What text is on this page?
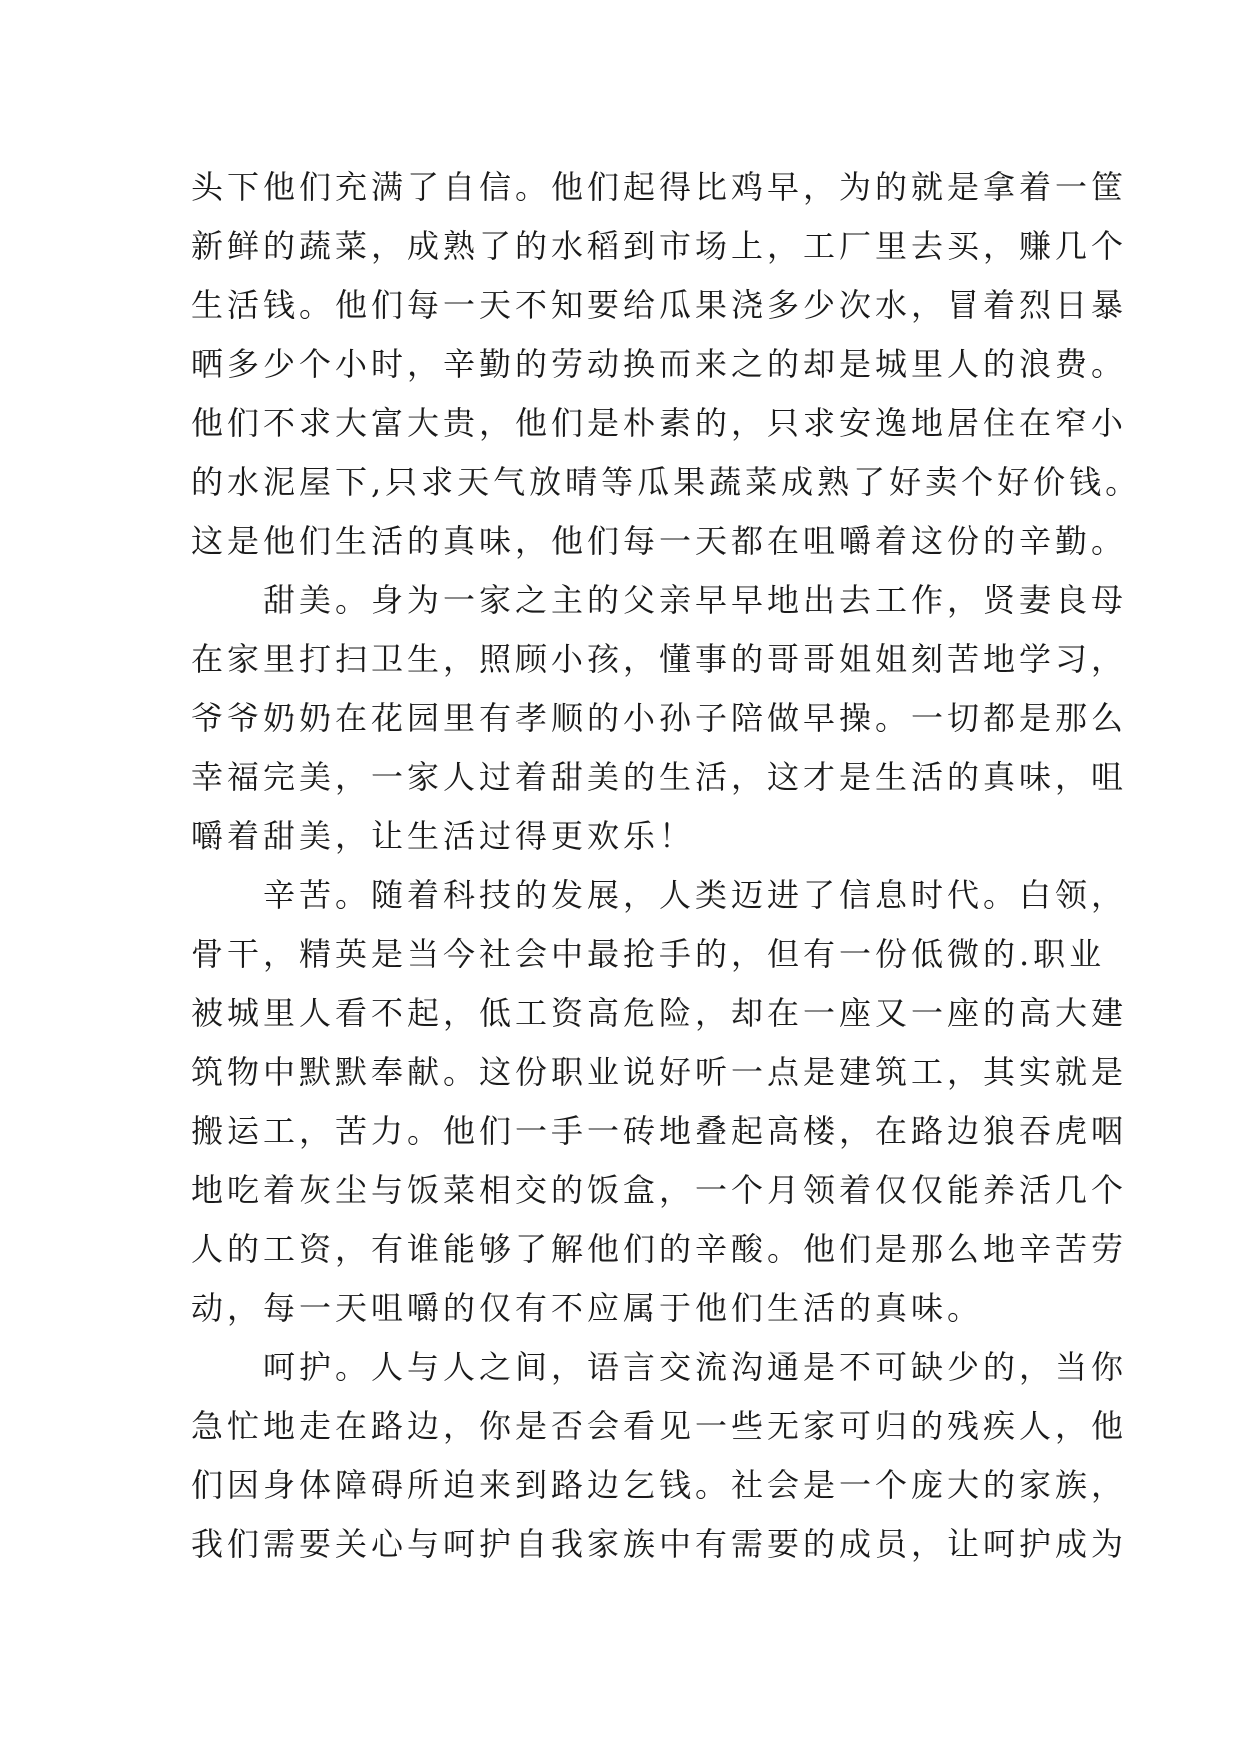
头下他们充满了自信。他们起得比鸡早，为的就是拿着一筐
新鲜的蔬菜，成熟了的水稻到市场上，工厂里去买，赚几个
生活钱。他们每一天不知要给瓜果浇多少次水，冒着烈日暴
晒多少个小时，辛勤的劳动换而来之的却是城里人的浪费。
他们不求大富大贵，他们是朴素的，只求安逸地居住在窄小
的水泥屋下,只求天气放晴等瓜果蔬菜成熟了好卖个好价钱。
这是他们生活的真味，他们每一天都在咀嚼着这份的辛勤。
甜美。身为一家之主的父亲早早地出去工作，贤妻良母
在家里打扫卫生，照顾小孩，懂事的哥哥姐姐刻苦地学习，
爷爷奶奶在花园里有孝顺的小孙子陪做早操。一切都是那么
幸福完美，一家人过着甜美的生活，这才是生活的真味，咀
嚼着甜美，让生活过得更欢乐！
辛苦。随着科技的发展，人类迈进了信息时代。白领，
骨干，精英是当今社会中最抢手的，但有一份低微的.职业
被城里人看不起，低工资高危险，却在一座又一座的高大建
筑物中默默奉献。这份职业说好听一点是建筑工，其实就是
搬运工，苦力。他们一手一砖地叠起高楼，在路边狼吞虎咽
地吃着灰尘与饭菜相交的饭盒，一个月领着仅仅能养活几个
人的工资，有谁能够了解他们的辛酸。他们是那么地辛苦劳
动，每一天咀嚼的仅有不应属于他们生活的真味。
呵护。人与人之间，语言交流沟通是不可缺少的，当你
急忙地走在路边，你是否会看见一些无家可归的残疾人，他
们因身体障碍所迫来到路边乞钱。社会是一个庞大的家族，
我们需要关心与呵护自我家族中有需要的成员，让呵护成为
